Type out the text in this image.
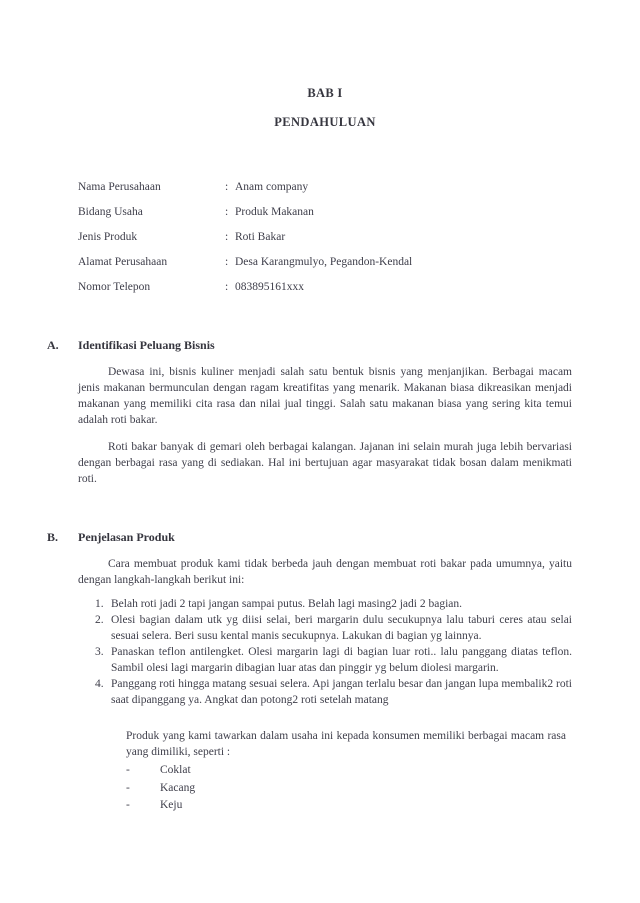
BAB I
PENDAHULUAN
Nama Perusahaan	: Anam company
Bidang Usaha	: Produk Makanan
Jenis Produk	: Roti Bakar
Alamat Perusahaan	: Desa Karangmulyo, Pegandon-Kendal
Nomor Telepon	: 083895161xxx
A.	Identifikasi Peluang Bisnis
Dewasa ini, bisnis kuliner menjadi salah satu bentuk bisnis yang menjanjikan. Berbagai macam jenis makanan bermunculan dengan ragam kreatifitas yang menarik. Makanan biasa dikreasikan menjadi makanan yang memiliki cita rasa dan nilai jual tinggi. Salah satu makanan biasa yang sering kita temui adalah roti bakar.
Roti bakar banyak di gemari oleh berbagai kalangan. Jajanan ini selain murah juga lebih bervariasi dengan berbagai rasa yang di sediakan. Hal ini bertujuan agar masyarakat tidak bosan dalam menikmati roti.
B.	Penjelasan Produk
Cara membuat produk kami tidak berbeda jauh dengan membuat roti bakar pada umumnya, yaitu dengan langkah-langkah berikut ini:
1. Belah roti jadi 2 tapi jangan sampai putus. Belah lagi masing2 jadi 2 bagian.
2. Olesi bagian dalam utk yg diisi selai, beri margarin dulu secukupnya lalu taburi ceres atau selai sesuai selera. Beri susu kental manis secukupnya. Lakukan di bagian yg lainnya.
3. Panaskan teflon antilengket. Olesi margarin lagi di bagian luar roti.. lalu panggang diatas teflon. Sambil olesi lagi margarin dibagian luar atas dan pinggir yg belum diolesi margarin.
4. Panggang roti hingga matang sesuai selera. Api jangan terlalu besar dan jangan lupa membalik2 roti saat dipanggang ya. Angkat dan potong2 roti setelah matang
Produk yang kami tawarkan dalam usaha ini kepada konsumen memiliki berbagai macam rasa yang dimiliki, seperti :
-	Coklat
-	Kacang
-	Keju
